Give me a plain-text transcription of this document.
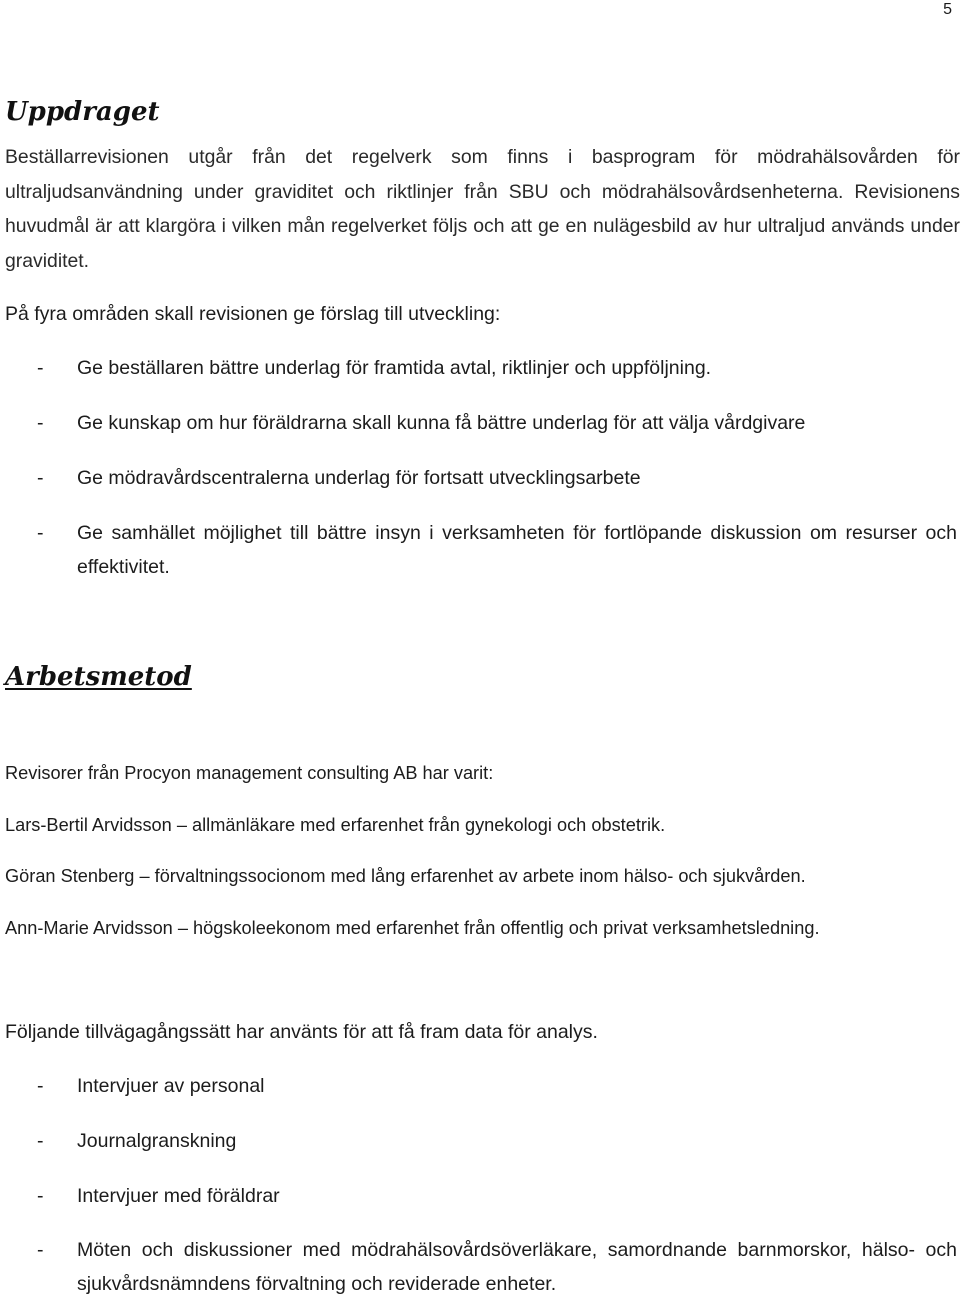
5
Uppdraget

Beställarrevisionen utgår från det regelverk som finns i basprogram för mödrahälsovården för ultraljudsanvändning under graviditet och riktlinjer från SBU och mödrahälsovårdsenheterna. Revisionens huvudmål är att klargöra i vilken mån regelverket följs och att ge en nulägesbild av hur ultraljud används under graviditet.

På fyra områden skall revisionen ge förslag till utveckling:

- Ge beställaren bättre underlag för framtida avtal, riktlinjer och uppföljning.
- Ge kunskap om hur föräldrarna skall kunna få bättre underlag för att välja vårdgivare
- Ge mödravårdscentralerna underlag för fortsatt utvecklingsarbete
- Ge samhället möjlighet till bättre insyn i verksamheten för fortlöpande diskussion om resurser och effektivitet.
Arbetsmetod

Revisorer från Procyon management consulting AB har varit:

Lars-Bertil Arvidsson – allmänläkare med erfarenhet från gynekologi och obstetrik.

Göran Stenberg – förvaltningssocionom med lång erfarenhet av arbete inom hälso- och sjukvården.

Ann-Marie Arvidsson – högskoleekonom med erfarenhet från offentlig och privat verksamhetsledning.

Följande tillvägagångssätt har använts för att få fram data för analys.

- Intervjuer av personal
- Journalgranskning
- Intervjuer med föräldrar
- Möten och diskussioner med mödrahälsovårdsöverläkare, samordnande barnmorskor, hälso- och sjukvårdsnämndens förvaltning och reviderade enheter.
